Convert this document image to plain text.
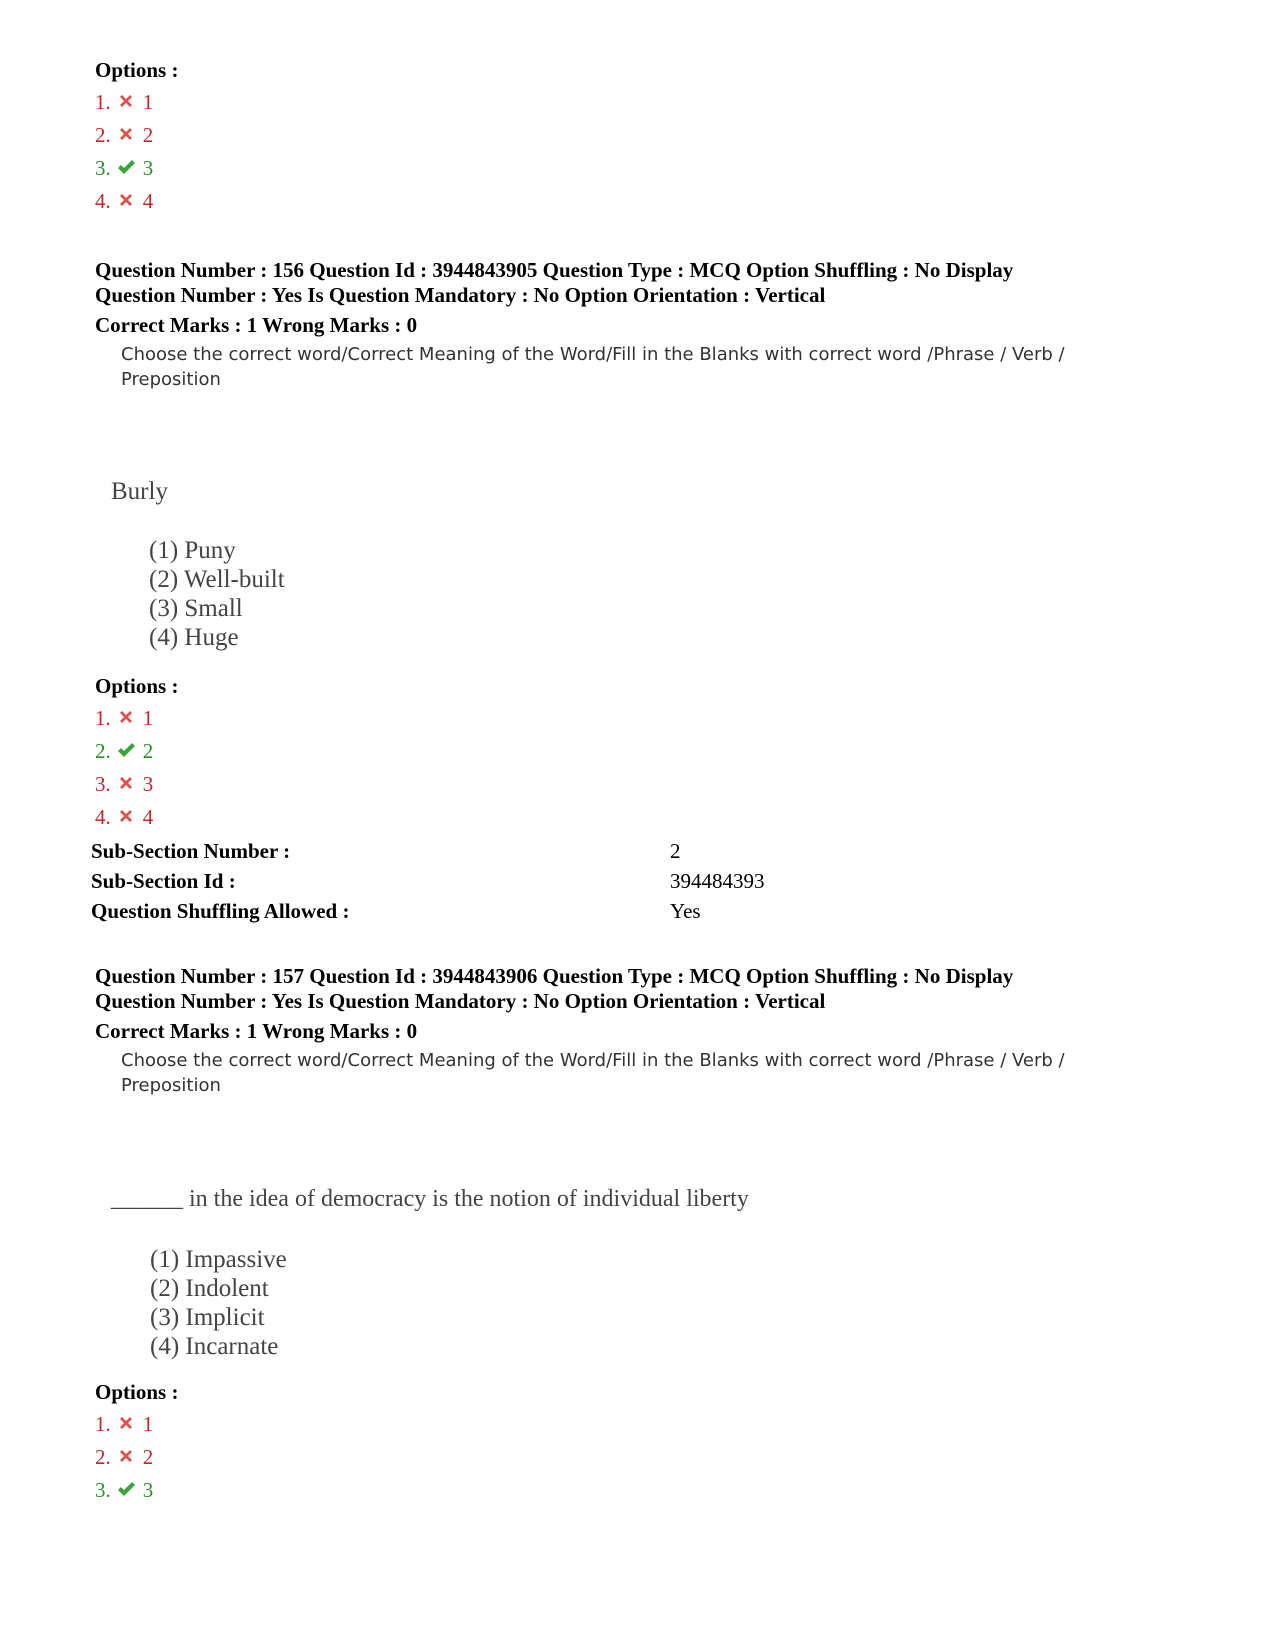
Options :
1. 1
2. 2
3. 3
4. 4
Question Number : 156 Question Id : 3944843905 Question Type : MCQ Option Shuffling : No Display
Question Number : Yes Is Question Mandatory : No Option Orientation : Vertical
Correct Marks : 1 Wrong Marks : 0
Choose the correct word/Correct Meaning of the Word/Fill in the Blanks with correct word /Phrase / Verb / Preposition
Burly
(1) Puny
(2) Well-built
(3) Small
(4) Huge
Options :
1. 1
2. 2
3. 3
4. 4
Sub-Section Number :	2
Sub-Section Id :	394484393
Question Shuffling Allowed :	Yes
Question Number : 157 Question Id : 3944843906 Question Type : MCQ Option Shuffling : No Display
Question Number : Yes Is Question Mandatory : No Option Orientation : Vertical
Correct Marks : 1 Wrong Marks : 0
Choose the correct word/Correct Meaning of the Word/Fill in the Blanks with correct word /Phrase / Verb / Preposition
______ in the idea of democracy is the notion of individual liberty
(1) Impassive
(2) Indolent
(3) Implicit
(4) Incarnate
Options :
1. 1
2. 2
3. 3
